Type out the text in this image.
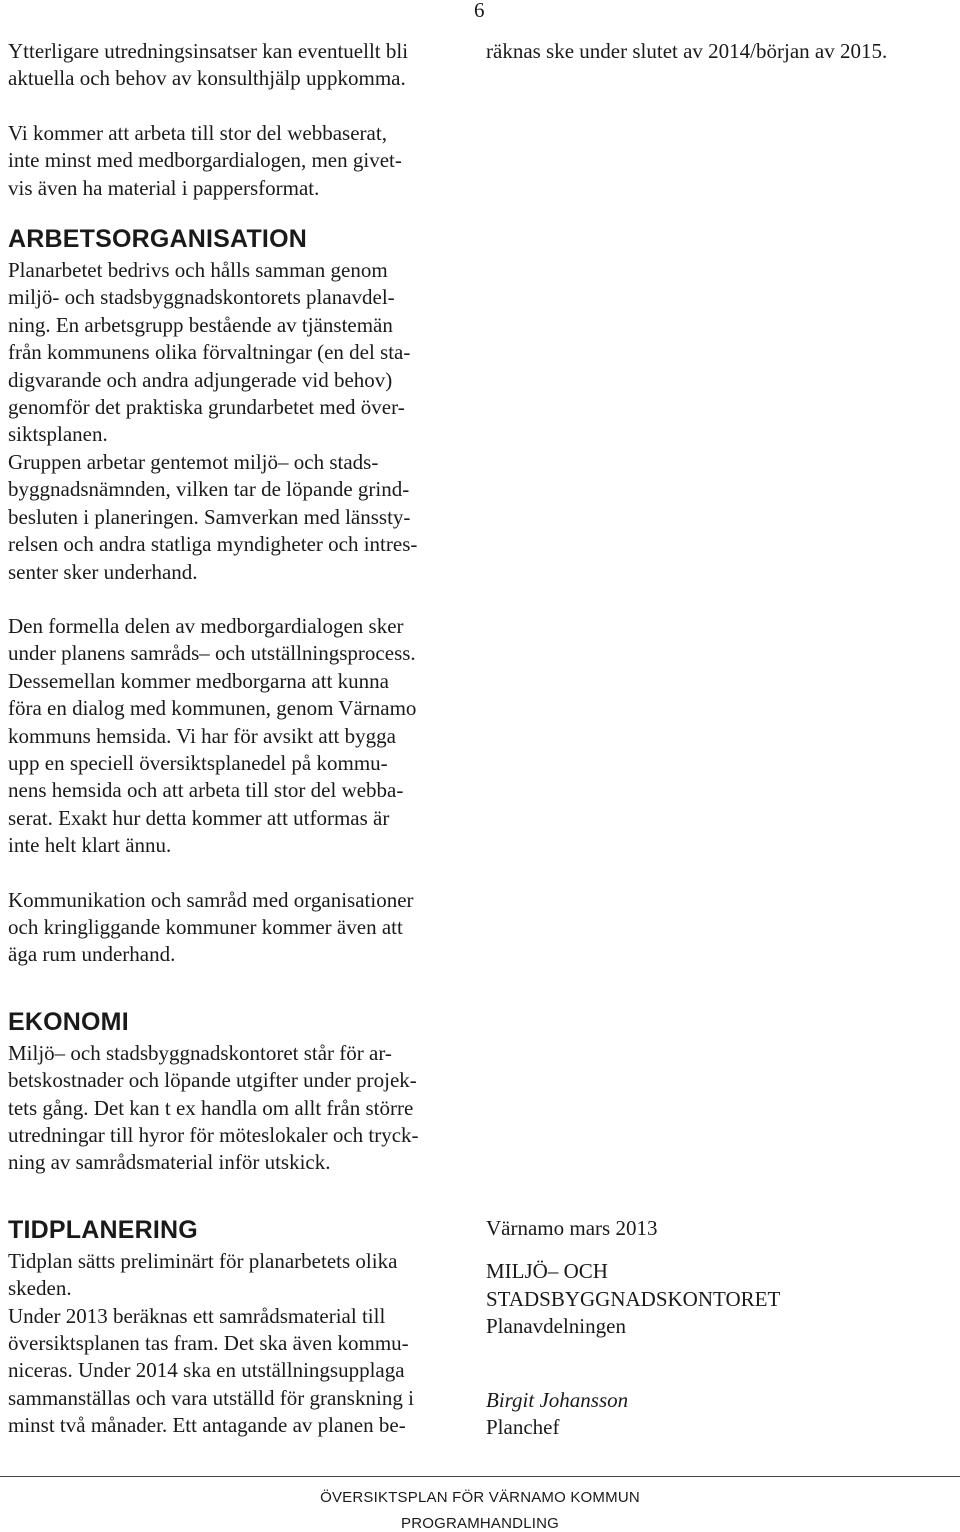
6

Ytterligare utredningsinsatser kan eventuellt bli
aktuella och behov av konsulthjälp uppkomma.

Vi kommer att arbeta till stor del webbaserat,
inte minst med medborgardialogen, men givet-
vis även ha material i pappersformat.

ARBETSORGANISATION

Planarbetet bedrivs och hålls samman genom
miljö- och stadsbyggnadskontorets planavdel-
ning. En arbetsgrupp bestående av tjänstemän
från kommunens olika förvaltningar (en del sta-
digvarande och andra adjungerade vid behov)
genomför det praktiska grundarbetet med över-
siktsplanen.

Gruppen arbetar gentemot miljö– och stads-
byggnadsnämnden, vilken tar de löpande grind-
besluten i planeringen. Samverkan med länssty-
relsen och andra statliga myndigheter och intres-
senter sker underhand.

Den formella delen av medborgardialogen sker
under planens samråds– och utställningsprocess.
Dessemellan kommer medborgarna att kunna
föra en dialog med kommunen, genom Värnamo
kommuns hemsida. Vi har för avsikt att bygga
upp en speciell översiktsplanedel på kommu-
nens hemsida och att arbeta till stor del webba-
serat. Exakt hur detta kommer att utformas är
inte helt klart ännu.

Kommunikation och samråd med organisationer
och kringliggande kommuner kommer även att
äga rum underhand.

EKONOMI

Miljö– och stadsbyggnadskontoret står för ar-
betskostnader och löpande utgifter under projek-
tets gång. Det kan t ex handla om allt från större
utredningar till hyror för möteslokaler och tryck-
ning av samrådsmaterial inför utskick.

TIDPLANERING

Tidplan sätts preliminärt för planarbetets olika
skeden.

Under 2013 beräknas ett samrådsmaterial till
översiktsplanen tas fram. Det ska även kommu-
niceras. Under 2014 ska en utställningsupplaga
sammanställas och vara utställd för granskning i
minst två månader. Ett antagande av planen be-

räknas ske under slutet av 2014/början av 2015.

Värnamo mars 2013

MILJÖ– OCH
STADSBYGGNADSKONTORET
Planavdelningen

Birgit Johansson

Planchef

ÖVERSIKTSPLAN FÖR VÄRNAMO KOMMUN
PROGRAMHANDLING
